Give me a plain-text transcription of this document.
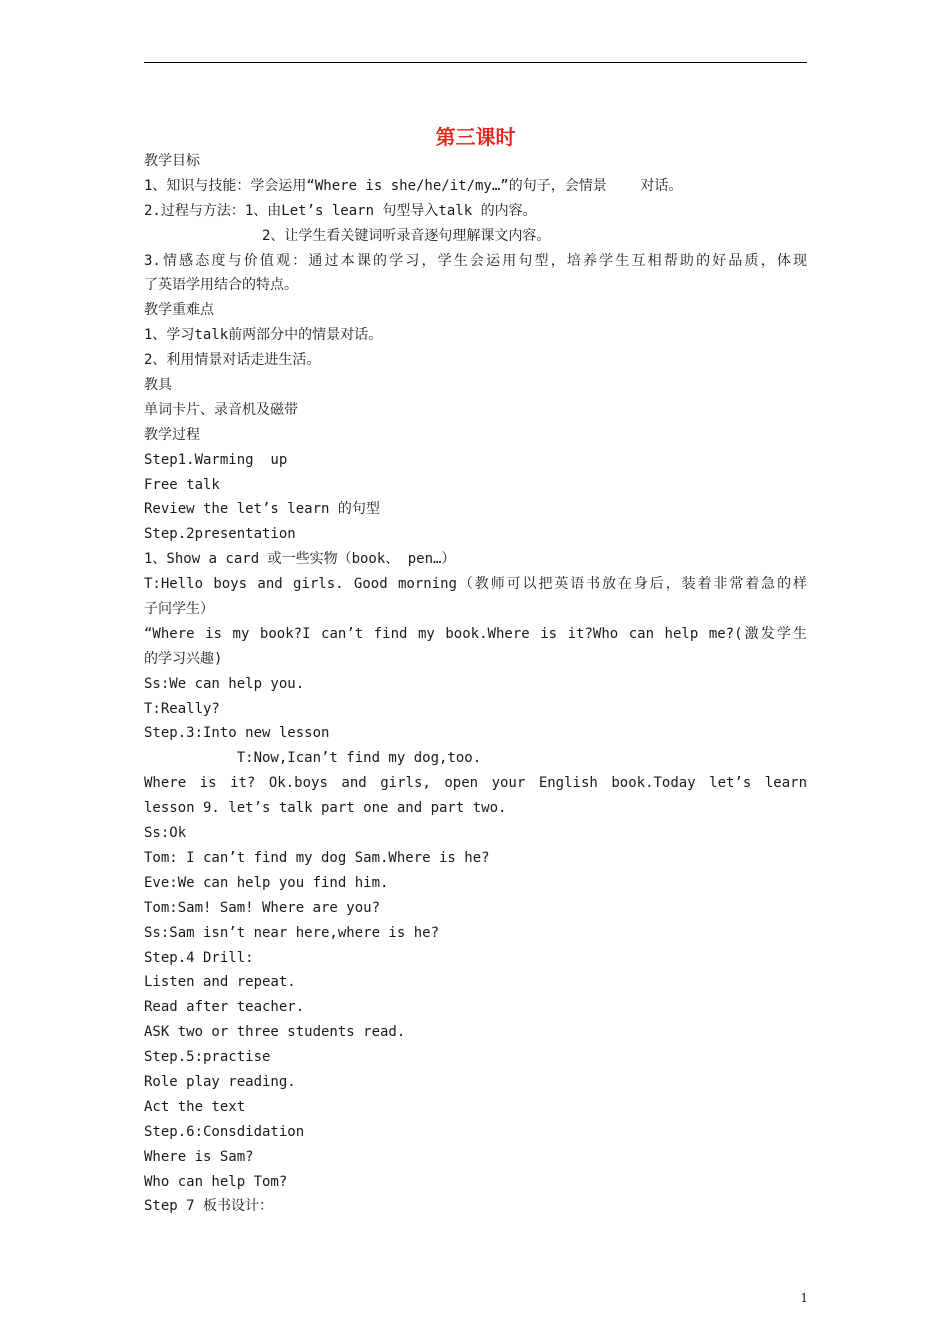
第三课时
教学目标
1、知识与技能：学会运用“Where is she/he/it/my…”的句子，会情景    对话。
2.过程与方法：1、由Let’s learn 句型导入talk 的内容。
2、让学生看关键词听录音逐句理解课文内容。
3.情感态度与价值观：通过本课的学习，学生会运用句型，培养学生互相帮助的好品质，体现
了英语学用结合的特点。
教学重难点
1、学习talk前两部分中的情景对话。
2、利用情景对话走进生活。
教具
单词卡片、录音机及磁带
教学过程
Step1.Warming  up
Free talk
Review the let’s learn 的句型
Step.2presentation
1、Show a card 或一些实物（book、 pen…）
T:Hello boys and girls. Good morning（教师可以把英语书放在身后，装着非常着急的样
子问学生）
“Where is my book?I can’t find my book.Where is it?Who can help me?(激发学生
的学习兴趣)
Ss:We can help you.
T:Really?
Step.3:Into new lesson
T:Now,Ican’t find my dog,too.
Where is it? Ok.boys and girls, open your English book.Today let’s learn
lesson 9. let’s talk part one and part two.
Ss:Ok
Tom: I can’t find my dog Sam.Where is he?
Eve:We can help you find him.
Tom:Sam! Sam! Where are you?
Ss:Sam isn’t near here,where is he?
Step.4 Drill:
Listen and repeat.
Read after teacher.
ASK two or three students read.
Step.5:practise
Role play reading.
Act the text
Step.6:Consdidation
Where is Sam?
Who can help Tom?
Step 7 板书设计：
1
